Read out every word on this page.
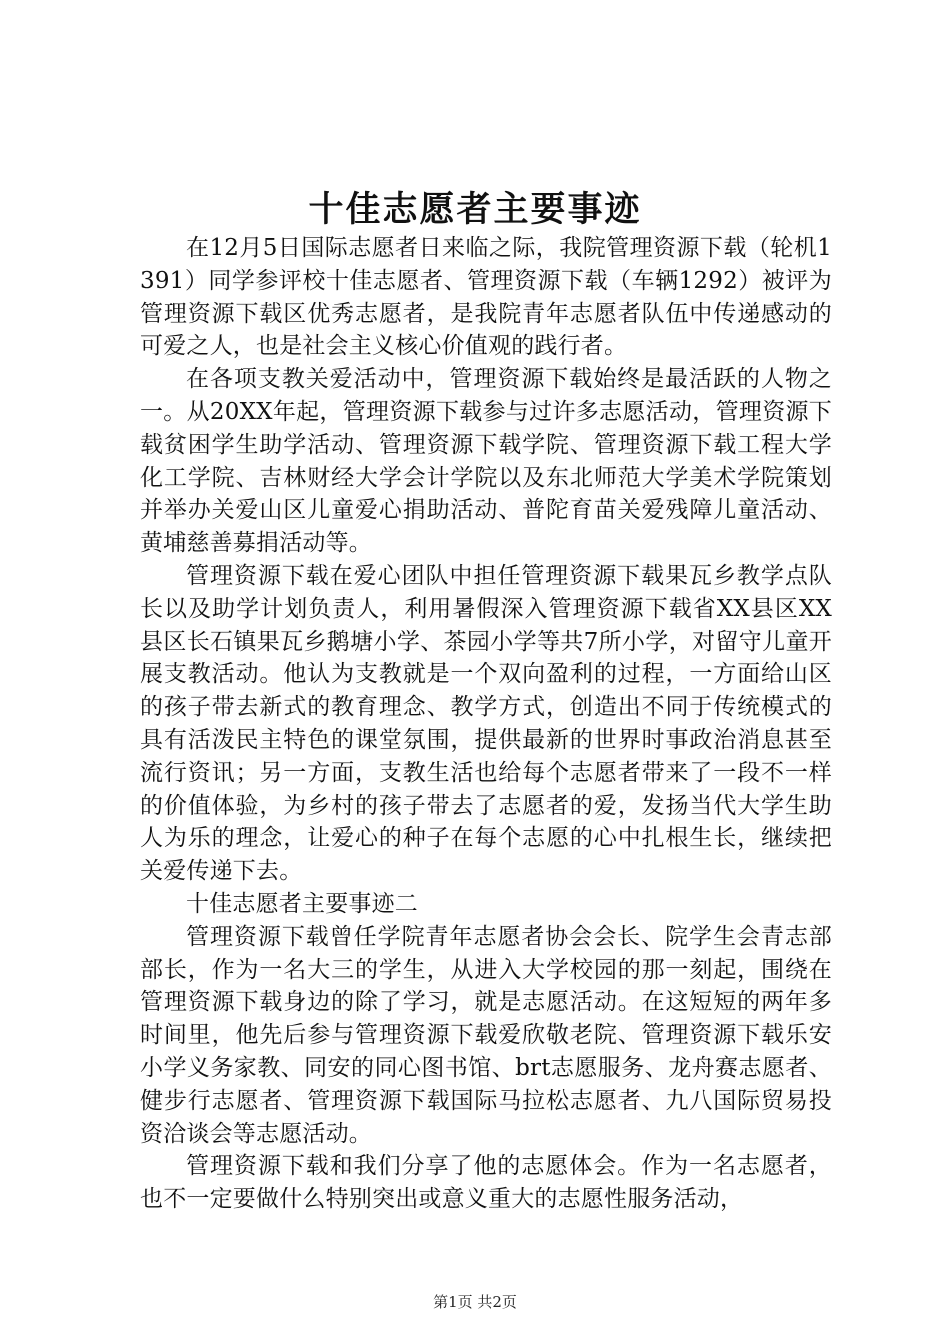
十佳志愿者主要事迹

在12月5日国际志愿者日来临之际，我院管理资源下载（轮机1391）同学参评校十佳志愿者、管理资源下载（车辆1292）被评为管理资源下载区优秀志愿者，是我院青年志愿者队伍中传递感动的可爱之人，也是社会主义核心价值观的践行者。

在各项支教关爱活动中，管理资源下载始终是最活跃的人物之一。从20XX年起，管理资源下载参与过许多志愿活动，管理资源下载贫困学生助学活动、管理资源下载学院、管理资源下载工程大学化工学院、吉林财经大学会计学院以及东北师范大学美术学院策划并举办关爱山区儿童爱心捐助活动、普陀育苗关爱残障儿童活动、黄埔慈善募捐活动等。

管理资源下载在爱心团队中担任管理资源下载果瓦乡教学点队长以及助学计划负责人，利用暑假深入管理资源下载省XX县区XX县区长石镇果瓦乡鹅塘小学、茶园小学等共7所小学，对留守儿童开展支教活动。他认为支教就是一个双向盈利的过程，一方面给山区的孩子带去新式的教育理念、教学方式，创造出不同于传统模式的具有活泼民主特色的课堂氛围，提供最新的世界时事政治消息甚至流行资讯；另一方面，支教生活也给每个志愿者带来了一段不一样的价值体验，为乡村的孩子带去了志愿者的爱，发扬当代大学生助人为乐的理念，让爱心的种子在每个志愿的心中扎根生长，继续把关爱传递下去。

十佳志愿者主要事迹二

管理资源下载曾任学院青年志愿者协会会长、院学生会青志部部长，作为一名大三的学生，从进入大学校园的那一刻起，围绕在管理资源下载身边的除了学习，就是志愿活动。在这短短的两年多时间里，他先后参与管理资源下载爱欣敬老院、管理资源下载乐安小学义务家教、同安的同心图书馆、brt志愿服务、龙舟赛志愿者、健步行志愿者、管理资源下载国际马拉松志愿者、九八国际贸易投资洽谈会等志愿活动。

管理资源下载和我们分享了他的志愿体会。作为一名志愿者，也不一定要做什么特别突出或意义重大的志愿性服务活动，

第1页 共2页
